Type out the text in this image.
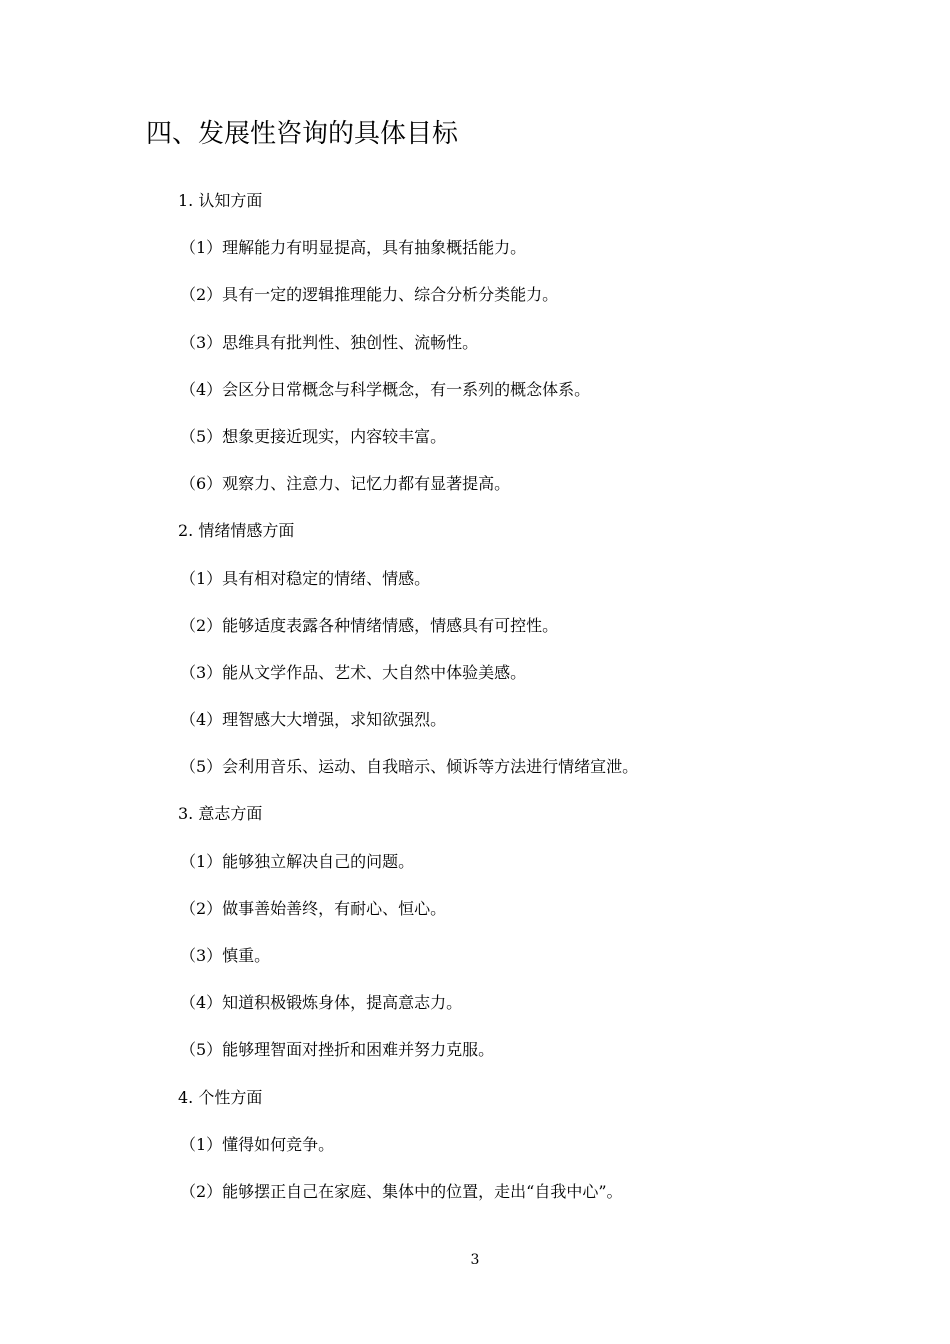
四、发展性咨询的具体目标
1. 认知方面
（1）理解能力有明显提高，具有抽象概括能力。
（2）具有一定的逻辑推理能力、综合分析分类能力。
（3）思维具有批判性、独创性、流畅性。
（4）会区分日常概念与科学概念，有一系列的概念体系。
（5）想象更接近现实，内容较丰富。
（6）观察力、注意力、记忆力都有显著提高。
2. 情绪情感方面
（1）具有相对稳定的情绪、情感。
（2）能够适度表露各种情绪情感，情感具有可控性。
（3）能从文学作品、艺术、大自然中体验美感。
（4）理智感大大增强，求知欲强烈。
（5）会利用音乐、运动、自我暗示、倾诉等方法进行情绪宣泄。
3. 意志方面
（1）能够独立解决自己的问题。
（2）做事善始善终，有耐心、恒心。
（3）慎重。
（4）知道积极锻炼身体，提高意志力。
（5）能够理智面对挫折和困难并努力克服。
4. 个性方面
（1）懂得如何竞争。
（2）能够摆正自己在家庭、集体中的位置，走出“自我中心”。
3
